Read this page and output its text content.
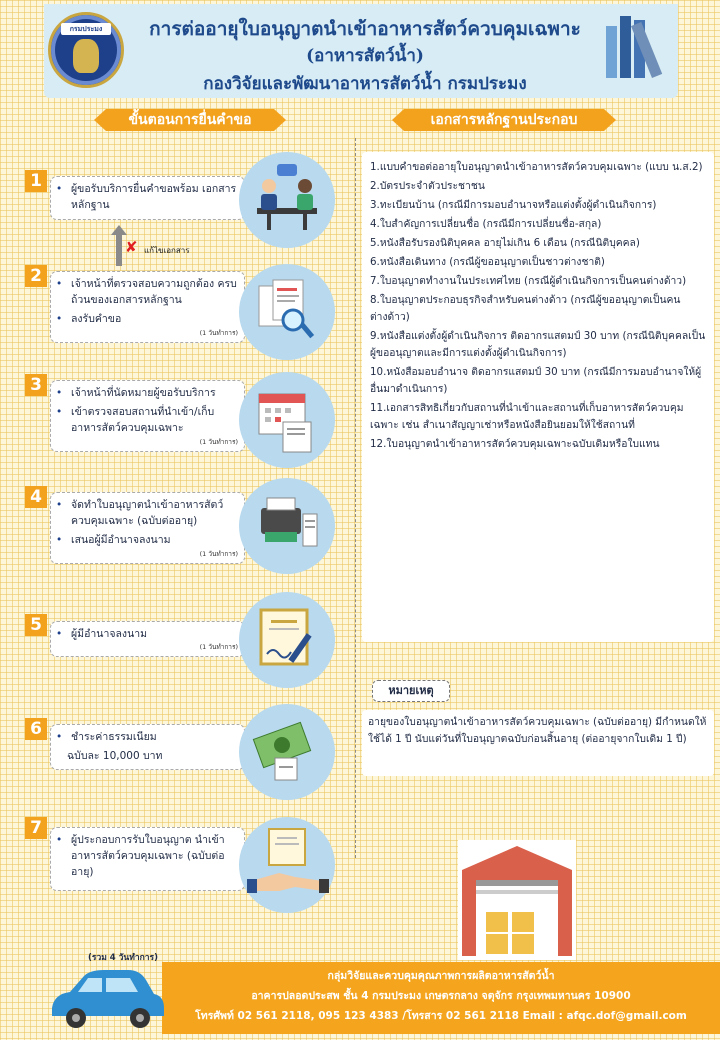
กรมประมง	การต่ออายุใบอนุญาตนำเข้าอาหารสัตว์ควบคุมเฉพาะ
(อาหารสัตว์น้ำ)
กองวิจัยและพัฒนาอาหารสัตว์น้ำ กรมประมง
ขั้นตอนการยื่นคำขอ	เอกสารหลักฐานประกอบ
1	• ผู้ขอรับบริการยื่นคำขอพร้อม เอกสารหลักฐาน
✘ แก้ไขเอกสาร
2	• เจ้าหน้าที่ตรวจสอบความถูกต้อง ครบถ้วนของเอกสารหลักฐาน
• ลงรับคำขอ
(1 วันทำการ)
3	• เจ้าหน้าที่นัดหมายผู้ขอรับบริการ
• เข้าตรวจสอบสถานที่นำเข้า/เก็บ อาหารสัตว์ควบคุมเฉพาะ
(1 วันทำการ)
4	• จัดทำใบอนุญาตนำเข้าอาหารสัตว์ ควบคุมเฉพาะ (ฉบับต่ออายุ)
• เสนอผู้มีอำนาจลงนาม
(1 วันทำการ)
5	• ผู้มีอำนาจลงนาม
(1 วันทำการ)
6	• ชำระค่าธรรมเนียม
ฉบับละ 10,000 บาท
7
• ผู้ประกอบการรับใบอนุญาต นำเข้าอาหารสัตว์ควบคุมเฉพาะ (ฉบับต่ออายุ)
1.แบบคำขอต่ออายุใบอนุญาตนำเข้าอาหารสัตว์ควบคุมเฉพาะ (แบบ น.ส.2)
2.บัตรประจำตัวประชาชน
3.ทะเบียนบ้าน (กรณีมีการมอบอำนาจหรือแต่งตั้งผู้ดำเนินกิจการ)
4.ใบสำคัญการเปลี่ยนชื่อ (กรณีมีการเปลี่ยนชื่อ-สกุล)
5.หนังสือรับรองนิติบุคคล อายุไม่เกิน 6 เดือน (กรณีนิติบุคคล)
6.หนังสือเดินทาง (กรณีผู้ขออนุญาตเป็นชาวต่างชาติ)
7.ใบอนุญาตทำงานในประเทศไทย (กรณีผู้ดำเนินกิจการเป็นคนต่างด้าว)
8.ใบอนุญาตประกอบธุรกิจสำหรับคนต่างด้าว (กรณีผู้ขออนุญาตเป็นคนต่างด้าว)
9.หนังสือแต่งตั้งผู้ดำเนินกิจการ ติดอากรแสตมป์ 30 บาท (กรณีนิติบุคคลเป็นผู้ขออนุญาตและมีการแต่งตั้งผู้ดำเนินกิจการ)
10.หนังสือมอบอำนาจ ติดอากรแสตมป์ 30 บาท (กรณีมีการมอบอำนาจให้ผู้อื่นมาดำเนินการ)
11.เอกสารสิทธิเกี่ยวกับสถานที่นำเข้าและสถานที่เก็บอาหารสัตว์ควบคุมเฉพาะ เช่น สำเนาสัญญาเช่าหรือหนังสือยินยอมให้ใช้สถานที่
12.ใบอนุญาตนำเข้าอาหารสัตว์ควบคุมเฉพาะฉบับเดิมหรือใบแทน
หมายเหตุ
อายุของใบอนุญาตนำเข้าอาหารสัตว์ควบคุมเฉพาะ (ฉบับต่ออายุ) มีกำหนดให้ใช้ได้ 1 ปี นับแต่วันที่ใบอนุญาตฉบับก่อนสิ้นอายุ (ต่ออายุจากใบเดิม 1 ปี)
(รวม 4 วันทำการ)
กลุ่มวิจัยและควบคุมคุณภาพการผลิตอาหารสัตว์น้ำ
อาคารปลอดประสพ ชั้น 4 กรมประมง เกษตรกลาง จตุจักร กรุงเทพมหานคร 10900
โทรศัพท์ 02 561 2118, 095 123 4383 /โทรสาร 02 561 2118 Email : afqc.dof@gmail.com
